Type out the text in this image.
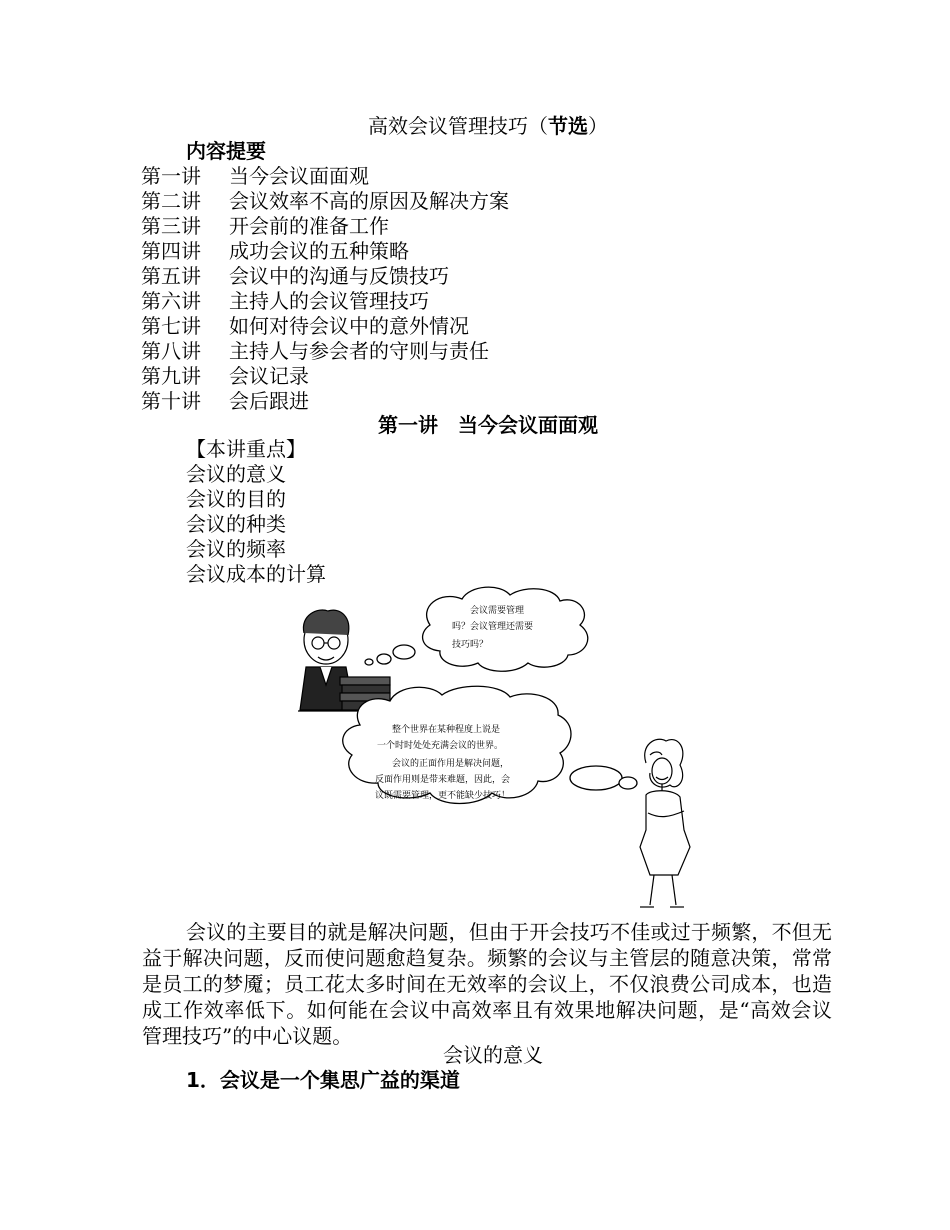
高效会议管理技巧（节选）
内容提要
第一讲 当今会议面面观
第二讲 会议效率不高的原因及解决方案
第三讲 开会前的准备工作
第四讲 成功会议的五种策略
第五讲 会议中的沟通与反馈技巧
第六讲 主持人的会议管理技巧
第七讲 如何对待会议中的意外情况
第八讲 主持人与参会者的守则与责任
第九讲 会议记录
第十讲 会后跟进
第一讲　当今会议面面观
【本讲重点】
会议的意义
会议的目的
会议的种类
会议的频率
会议成本的计算
会议需要管理
吗？会议管理还需要
技巧吗？
整个世界在某种程度上说是
一个时时处处充满会议的世界。
会议的正面作用是解决问题，
反面作用则是带来难题，因此，会
议既需要管理，更不能缺少技巧！

会议的主要目的就是解决问题，但由于开会技巧不佳或过于频繁，不但无益于解决问题，反而使问题愈趋复杂。频繁的会议与主管层的随意决策，常常是员工的梦魇；员工花太多时间在无效率的会议上，不仅浪费公司成本，也造成工作效率低下。如何能在会议中高效率且有效果地解决问题，是“高效会议管理技巧”的中心议题。

会议的意义
1．会议是一个集思广益的渠道
